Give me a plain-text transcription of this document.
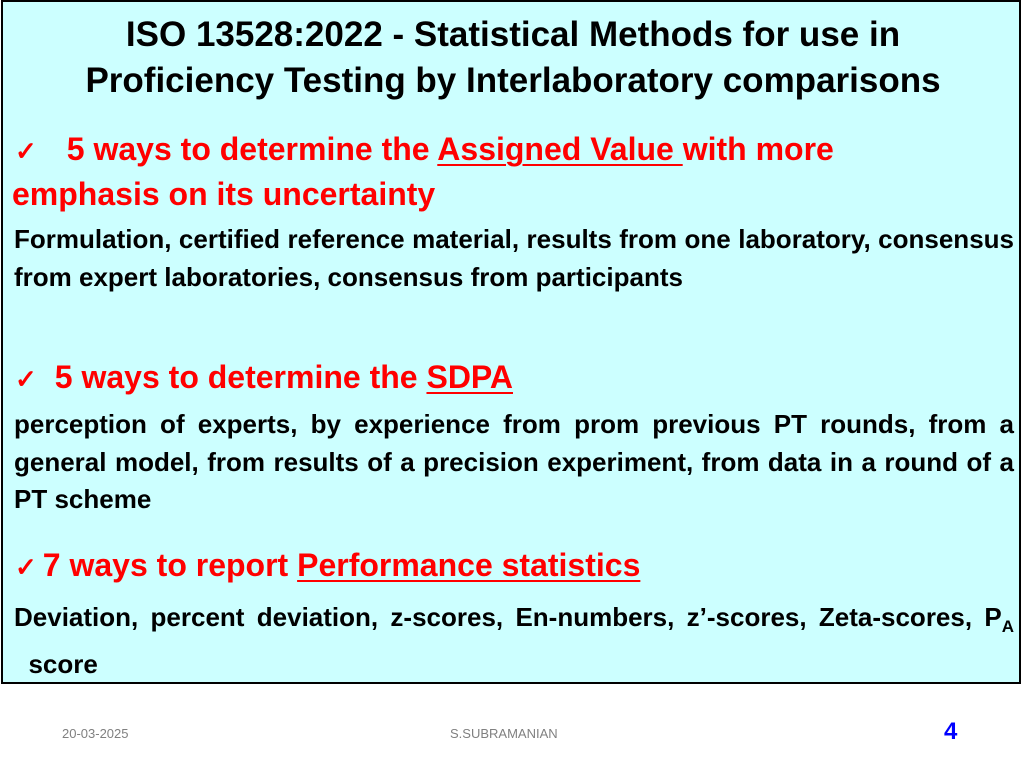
ISO 13528:2022 - Statistical Methods for use in
Proficiency Testing by Interlaboratory comparisons
✓ 5 ways to determine the Assigned Value with more
emphasis on its uncertainty

Formulation, certified reference material, results from one laboratory, consensus from expert laboratories, consensus from participants

✓ 5 ways to determine the SDPA

perception of experts, by experience from prom previous PT rounds, from a general model, from results of a precision experiment, from data in a round of a PT scheme

✓ 7 ways to report Performance statistics

Deviation, percent deviation, z-scores, En-numbers, z’-scores, Zeta-scores, $P_A$  score

20-03-2025	S.SUBRAMANIAN	4
